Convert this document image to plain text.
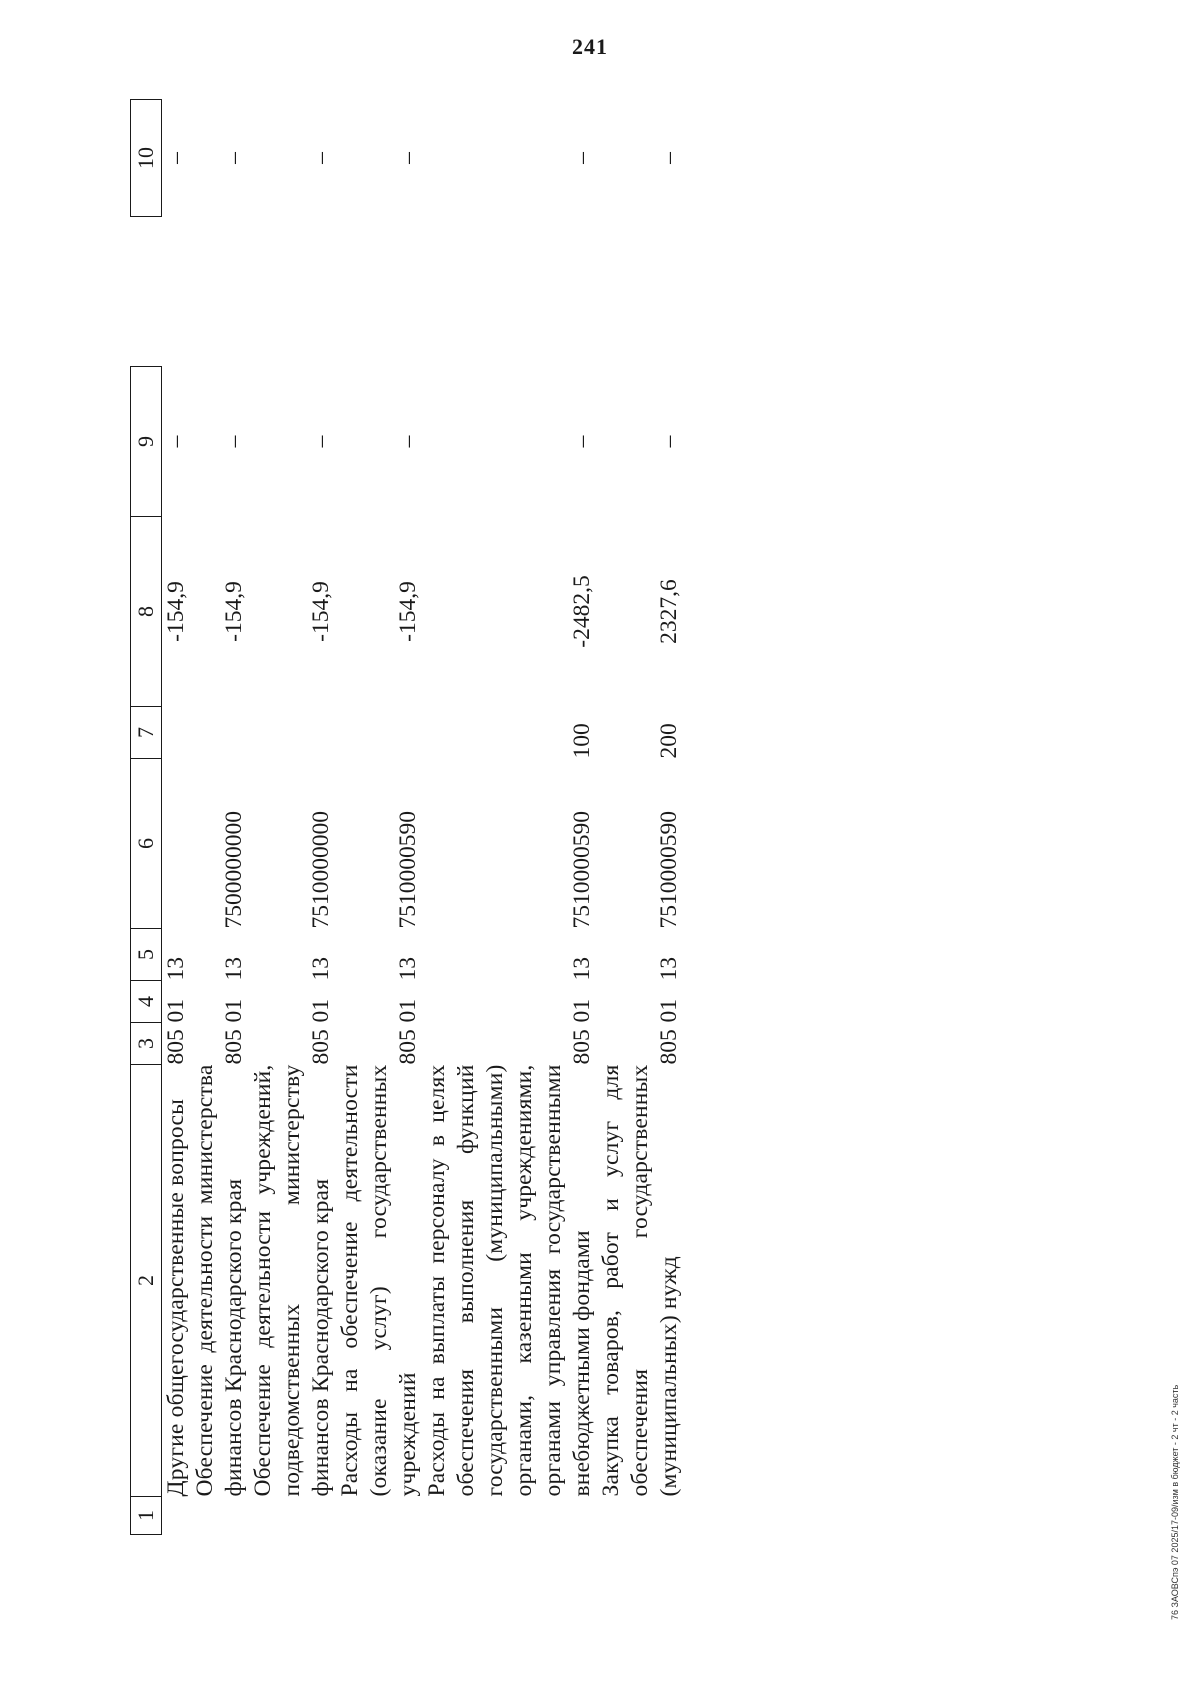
241
1	2	3	4	5	6	7	8	9		10
	Другие общегосударственные вопросы	805	01	13			-154,9	–		–
	Обеспечение деятельности министерства финансов Краснодарского края	805	01	13	7500000000		-154,9	–		–
	Обеспечение деятельности учреждений, подведомственных министерству финансов Краснодарского края	805	01	13	7510000000		-154,9	–		–
	Расходы на обеспечение деятельности (оказание услуг) государственных учреждений	805	01	13	7510000590		-154,9	–		–
	Расходы на выплаты персоналу в целях обеспечения выполнения функций государственными (муниципальными) органами, казенными учреждениями, органами управления государственными внебюджетными фондами	805	01	13	7510000590	100	-2482,5	–		–
	Закупка товаров, работ и услуг для обеспечения государственных (муниципальных) нужд	805	01	13	7510000590	200	2327,6	–		–
76 ЗАОВСпэ 07 2025/17-09/изм в бюджет - 2 чт - 2 часть
